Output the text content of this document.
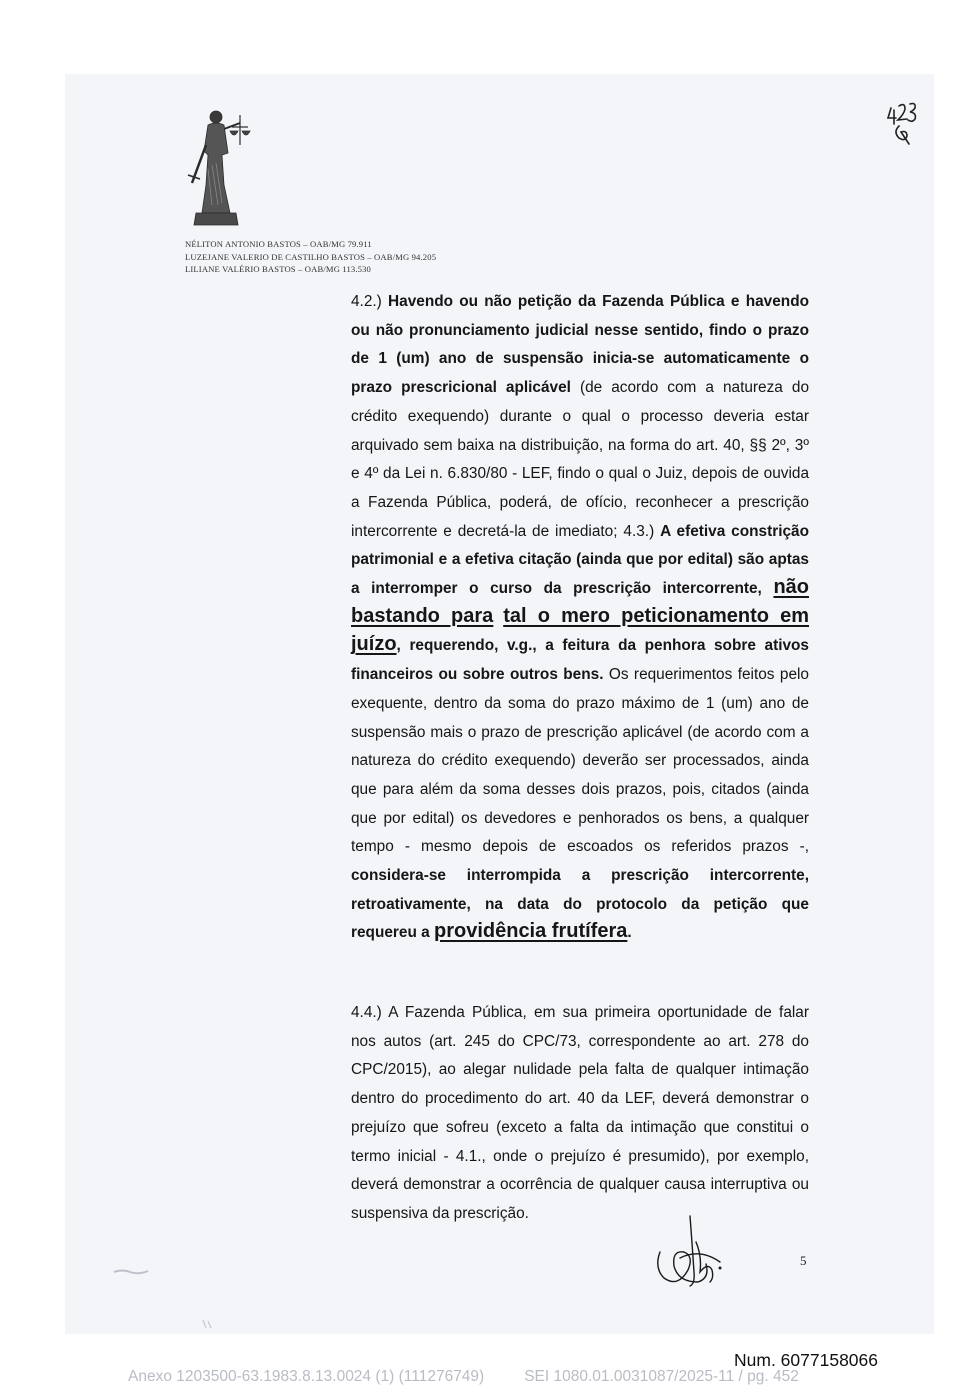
NÉLITON ANTONIO BASTOS – OAB/MG 79.911
LUZEJANE VALERIO DE CASTILHO BASTOS – OAB/MG 94.205
LILIANE VALÉRIO BASTOS – OAB/MG 113.530
4.2.) Havendo ou não petição da Fazenda Pública e havendo ou não pronunciamento judicial nesse sentido, findo o prazo de 1 (um) ano de suspensão inicia-se automaticamente o prazo prescricional aplicável (de acordo com a natureza do crédito exequendo) durante o qual o processo deveria estar arquivado sem baixa na distribuição, na forma do art. 40, §§ 2º, 3º e 4º da Lei n. 6.830/80 - LEF, findo o qual o Juiz, depois de ouvida a Fazenda Pública, poderá, de ofício, reconhecer a prescrição intercorrente e decretá-la de imediato; 4.3.) A efetiva constrição patrimonial e a efetiva citação (ainda que por edital) são aptas a interromper o curso da prescrição intercorrente, não bastando para tal o mero peticionamento em juízo, requerendo, v.g., a feitura da penhora sobre ativos financeiros ou sobre outros bens. Os requerimentos feitos pelo exequente, dentro da soma do prazo máximo de 1 (um) ano de suspensão mais o prazo de prescrição aplicável (de acordo com a natureza do crédito exequendo) deverão ser processados, ainda que para além da soma desses dois prazos, pois, citados (ainda que por edital) os devedores e penhorados os bens, a qualquer tempo - mesmo depois de escoados os referidos prazos -, considera-se interrompida a prescrição intercorrente, retroativamente, na data do protocolo da petição que requereu a providência frutífera.
4.4.) A Fazenda Pública, em sua primeira oportunidade de falar nos autos (art. 245 do CPC/73, correspondente ao art. 278 do CPC/2015), ao alegar nulidade pela falta de qualquer intimação dentro do procedimento do art. 40 da LEF, deverá demonstrar o prejuízo que sofreu (exceto a falta da intimação que constitui o termo inicial - 4.1., onde o prejuízo é presumido), por exemplo, deverá demonstrar a ocorrência de qualquer causa interruptiva ou suspensiva da prescrição.
5
Num. 6077158066
Anexo 1203500-63.1983.8.13.0024 (1) (111276749)	SEI 1080.01.0031087/2025-11 / pg. 452
